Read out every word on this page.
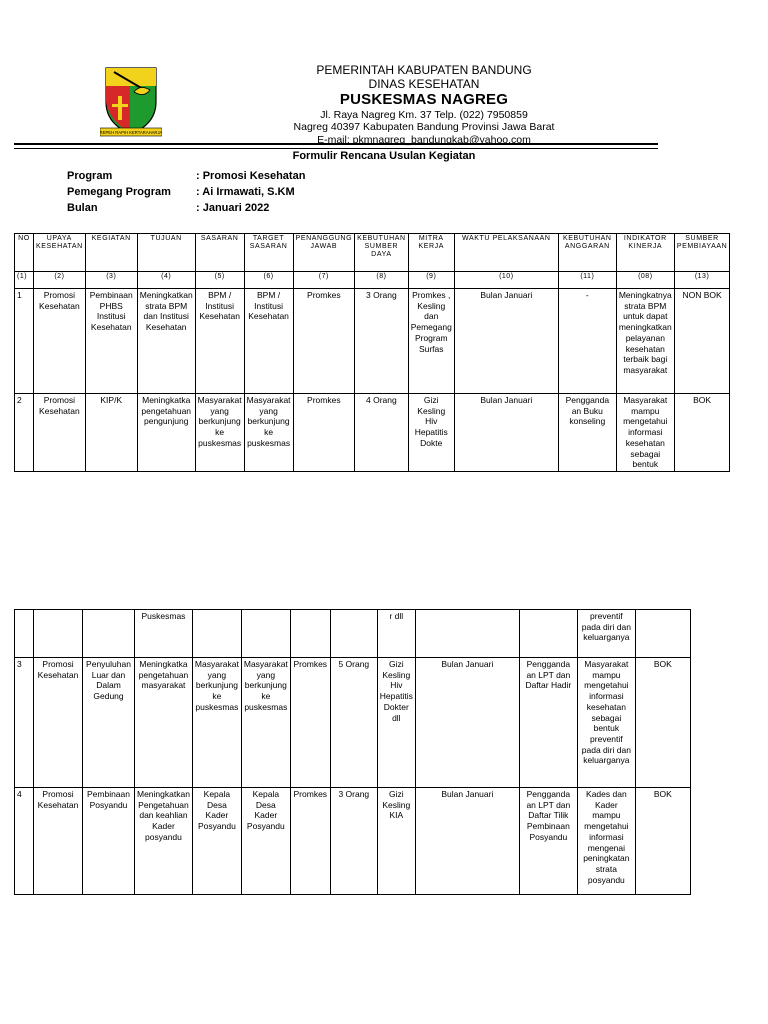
REPEH RAPIH KERTARAHARJA
PEMERINTAH KABUPATEN BANDUNG
DINAS KESEHATAN
PUSKESMAS NAGREG
Jl. Raya Nagreg Km. 37 Telp. (022) 7950859
Nagreg 40397 Kabupaten Bandung Provinsi Jawa Barat
E-mail: pkmnagreg_bandungkab@yahoo.com
Formulir Rencana Usulan Kegiatan
Program	: Promosi Kesehatan
Pemegang Program	: Ai Irmawati, S.KM
Bulan	: Januari 2022
NO	UPAYA KESEHATAN	KEGIATAN	TUJUAN	SASARAN	TARGET SASARAN	PENANGGUNG JAWAB	KEBUTUHAN SUMBER DAYA	MITRA KERJA	WAKTU PELAKSANAAN	KEBUTUHAN ANGGARAN	INDIKATOR KINERJA	SUMBER PEMBIAYAAN
(1)	(2)	(3)	(4)	(5)	(6)	(7)	(8)	(9)	(10)	(11)	(08)	(13)
1	Promosi Kesehatan	Pembinaan PHBS Institusi Kesehatan	Meningkatkan strata BPM dan Institusi Kesehatan	BPM / Institusi Kesehatan	BPM / Institusi Kesehatan	Promkes	3 Orang	Promkes , Kesling dan Pemegang Program Surfas	Bulan Januari	-	Meningkatnya strata BPM untuk dapat meningkatkan pelayanan kesehatan terbaik bagi masyarakat	NON BOK
2	Promosi Kesehatan	KIP/K	Meningkatka pengetahuan pengunjung	Masyarakat yang berkunjung ke puskesmas	Masyarakat yang berkunjung ke puskesmas	Promkes	4 Orang	Gizi Kesling Hiv Hepatitis Dokte	Bulan Januari	Pengganda an Buku konseling	Masyarakat mampu mengetahui informasi kesehatan sebagai bentuk	BOK
			Puskesmas					r dll			preventif pada diri dan keluarganya	
3	Promosi Kesehatan	Penyuluhan Luar dan Dalam Gedung	Meningkatka pengetahuan masyarakat	Masyarakat yang berkunjung ke puskesmas	Masyarakat yang berkunjung ke puskesmas	Promkes	5 Orang	Gizi Kesling Hiv Hepatitis Dokter dll	Bulan Januari	Pengganda an LPT dan Daftar Hadir	Masyarakat mampu mengetahui informasi kesehatan sebagai bentuk preventif pada diri dan keluarganya	BOK
4	Promosi Kesehatan	Pembinaan Posyandu	Meningkatkan Pengetahuan dan keahlian Kader posyandu	Kepala Desa Kader Posyandu	Kepala Desa Kader Posyandu	Promkes	3 Orang	Gizi Kesling KIA	Bulan Januari	Pengganda an LPT dan Daftar Tilik Pembinaan Posyandu	Kades dan Kader mampu mengetahui informasi mengenai peningkatan strata posyandu	BOK
